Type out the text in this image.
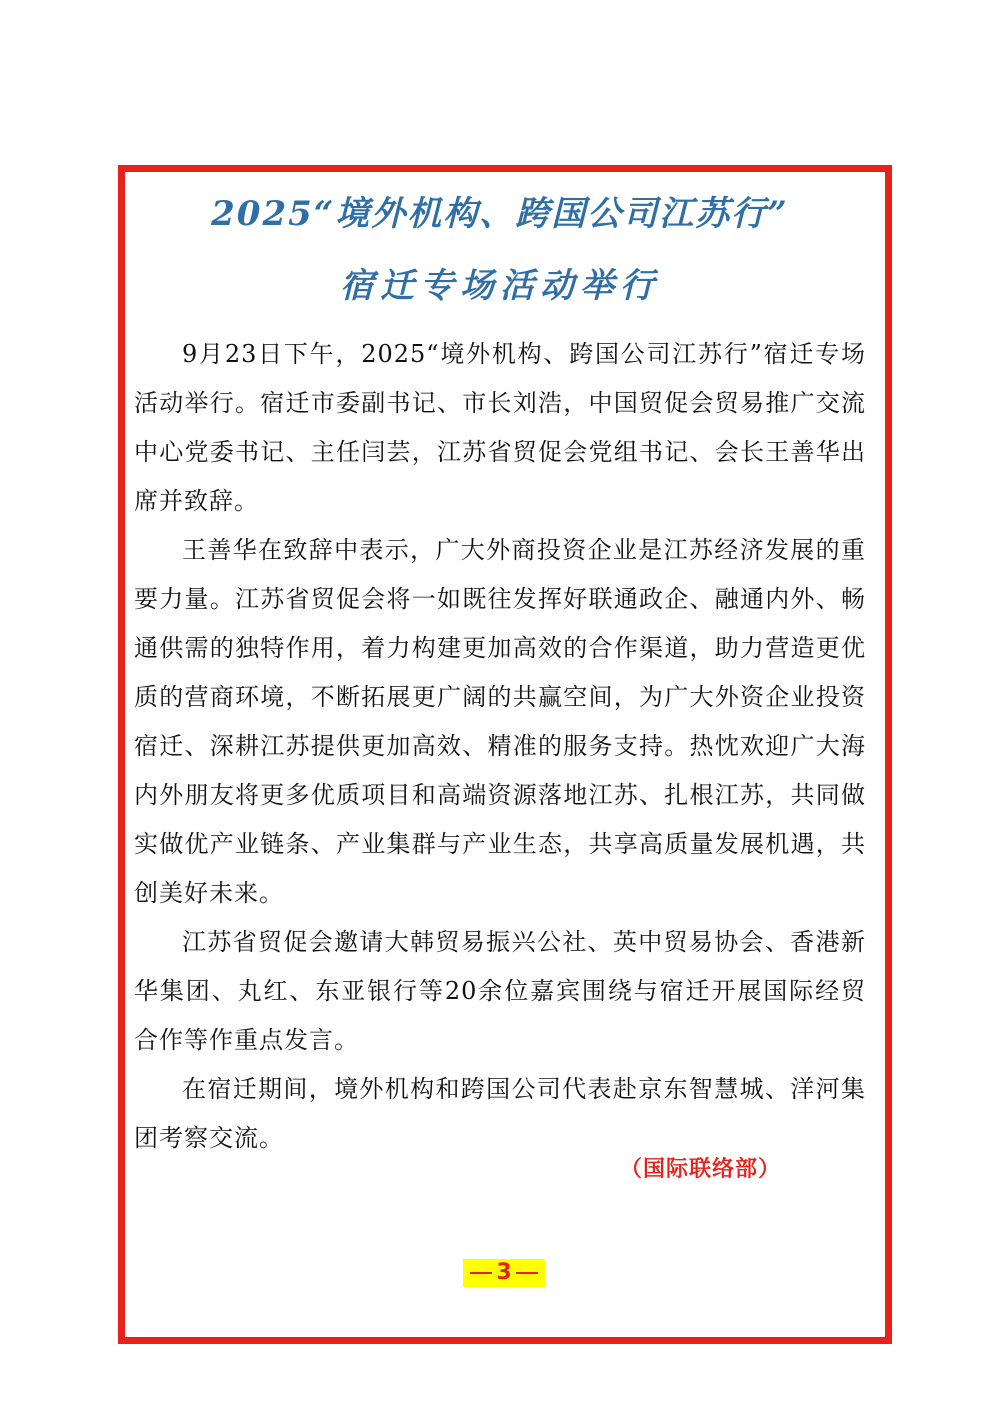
2025“境外机构、跨国公司江苏行”
宿迁专场活动举行

9月23日下午，2025“境外机构、跨国公司江苏行”宿迁专场活动举行。宿迁市委副书记、市长刘浩，中国贸促会贸易推广交流中心党委书记、主任闫芸，江苏省贸促会党组书记、会长王善华出席并致辞。

王善华在致辞中表示，广大外商投资企业是江苏经济发展的重要力量。江苏省贸促会将一如既往发挥好联通政企、融通内外、畅通供需的独特作用，着力构建更加高效的合作渠道，助力营造更优质的营商环境，不断拓展更广阔的共赢空间，为广大外资企业投资宿迁、深耕江苏提供更加高效、精准的服务支持。热忱欢迎广大海内外朋友将更多优质项目和高端资源落地江苏、扎根江苏，共同做实做优产业链条、产业集群与产业生态，共享高质量发展机遇，共创美好未来。

江苏省贸促会邀请大韩贸易振兴公社、英中贸易协会、香港新华集团、丸红、东亚银行等20余位嘉宾围绕与宿迁开展国际经贸合作等作重点发言。

在宿迁期间，境外机构和跨国公司代表赴京东智慧城、洋河集团考察交流。

（国际联络部）
3
